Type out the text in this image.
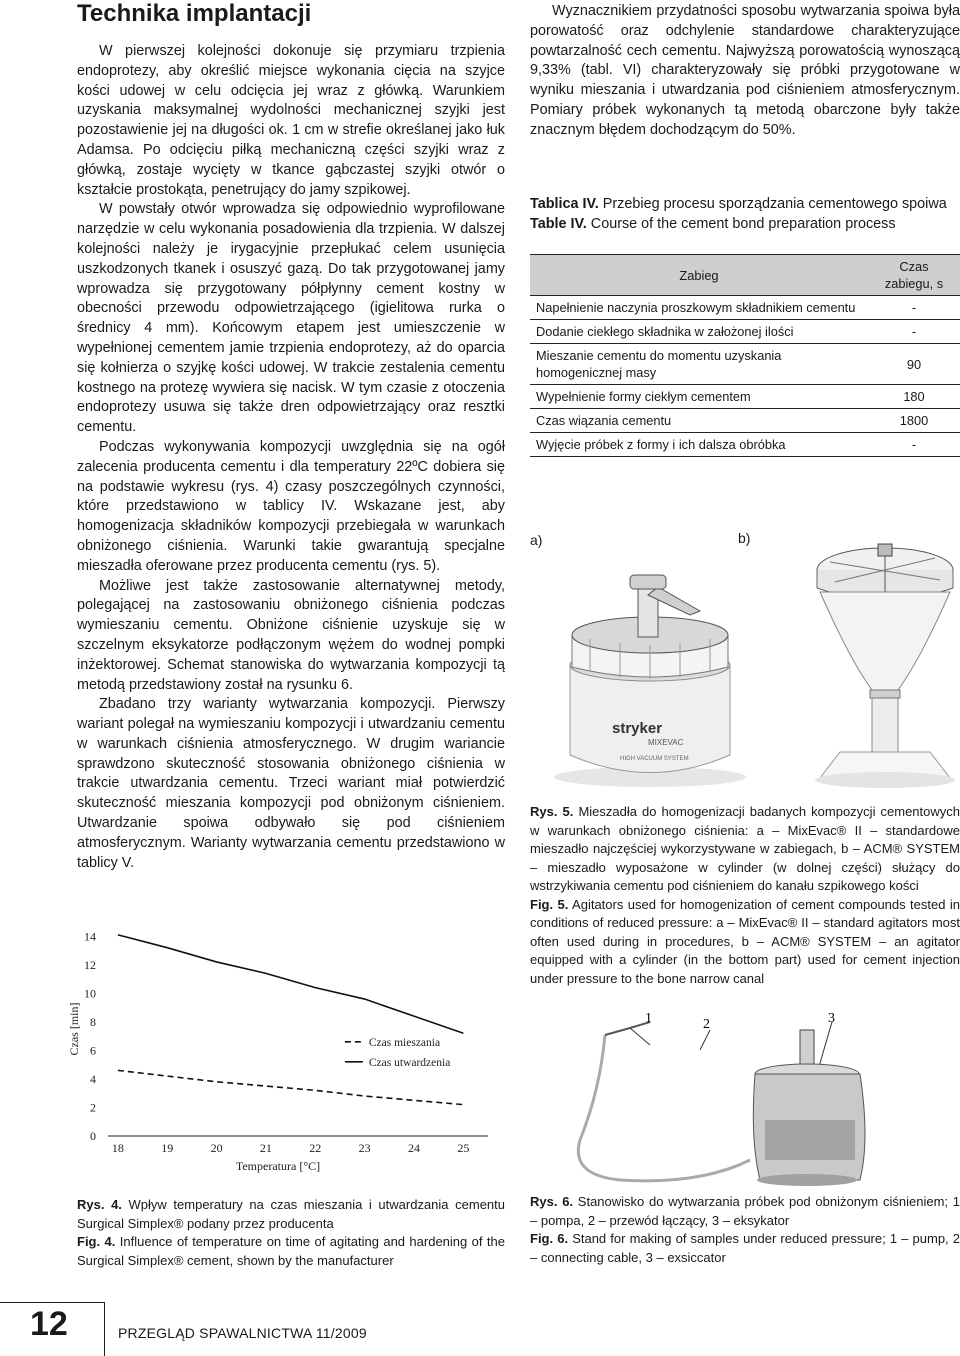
Technika implantacji

W pierwszej kolejności dokonuje się przymiaru trzpienia endoprotezy, aby określić miejsce wykonania cięcia na szyjce kości udowej w celu odcięcia jej wraz z główką. Warunkiem uzyskania maksymalnej wydolności mechanicznej szyjki jest pozostawienie jej na długości ok. 1 cm w strefie określanej jako łuk Adamsa. Po odcięciu piłką mechaniczną części szyjki wraz z główką, zostaje wycięty w tkance gąbczastej szyjki otwór o kształcie prostokąta, penetrujący do jamy szpikowej.

W powstały otwór wprowadza się odpowiednio wyprofilowane narzędzie w celu wykonania posadowienia dla trzpienia. W dalszej kolejności należy je irygacyjnie przepłukać celem usunięcia uszkodzonych tkanek i osuszyć gazą. Do tak przygotowanej jamy wprowadza się przygotowany półpłynny cement kostny w obecności przewodu odpowietrzającego (igielitowa rurka o średnicy 4 mm). Końcowym etapem jest umieszczenie w wypełnionej cementem jamie trzpienia endoprotezy, aż do oparcia się kołnierza o szyjkę kości udowej. W trakcie zestalenia cementu kostnego na protezę wywiera się nacisk. W tym czasie z otoczenia endoprotezy usuwa się także dren odpowietrzający oraz resztki cementu.

Podczas wykonywania kompozycji uwzględnia się na ogół zalecenia producenta cementu i dla temperatury 22ºC dobiera się na podstawie wykresu (rys. 4) czasy poszczególnych czynności, które przedstawiono w tablicy IV. Wskazane jest, aby homogenizacja składników kompozycji przebiegała w warunkach obniżonego ciśnienia. Warunki takie gwarantują specjalne mieszadła oferowane przez producenta cementu (rys. 5).

Możliwe jest także zastosowanie alternatywnej metody, polegającej na zastosowaniu obniżonego ciśnienia podczas wymieszaniu cementu. Obniżone ciśnienie uzyskuje się w szczelnym eksykatorze podłączonym wężem do wodnej pompki inżektorowej. Schemat stanowiska do wytwarzania kompozycji tą metodą przedstawiony został na rysunku 6.

Zbadano trzy warianty wytwarzania kompozycji. Pierwszy wariant polegał na wymieszaniu kompozycji i utwardzaniu cementu w warunkach ciśnienia atmosferycznego. W drugim wariancie sprawdzono skuteczność stosowania obniżonego ciśnienia w trakcie utwardzania cementu. Trzeci wariant miał potwierdzić skuteczność mieszania kompozycji pod obniżonym ciśnieniem. Utwardzanie spoiwa odbywało się pod ciśnieniem atmosferycznym. Warianty wytwarzania cementu przedstawiono w tablicy V.

Wyznacznikiem przydatności sposobu wytwarzania spoiwa była porowatość oraz odchylenie standardowe charakteryzujące powtarzalność cech cementu. Najwyższą porowatością wynoszącą 9,33% (tabl. VI) charakteryzowały się próbki przygotowane w wyniku mieszania i utwardzania pod ciśnieniem atmosferycznym. Pomiary próbek wykonanych tą metodą obarczone były także znacznym błędem dochodzącym do 50%.

Tablica IV. Przebieg procesu sporządzania cementowego spoiwa
Table IV. Course of the cement bond preparation process
Zabieg	Czas zabiegu, s
Napełnienie naczynia proszkowym składnikiem cementu	-
Dodanie ciekłego składnika w założonej ilości	-
Mieszanie cementu do momentu uzyskania homogenicznej masy	90
Wypełnienie formy ciekłym cementem	180
Czas wiązania cementu	1800
Wyjęcie próbek z formy i ich dalsza obróbka	-
a)	b)
stryker
MIXEVAC
HIGH VACUUM SYSTEM
Rys. 5. Mieszadła do homogenizacji badanych kompozycji cementowych w warunkach obniżonego ciśnienia: a – MixEvac® II – standardowe mieszadło najczęściej wykorzystywane w zabiegach, b – ACM® SYSTEM – mieszadło wyposażone w cylinder (w dolnej części) służący do wstrzykiwania cementu pod ciśnieniem do kanału szpikowego kości
Fig. 5. Agitators used for homogenization of cement compounds tested in conditions of reduced pressure: a – MixEvac® II – standard agitators most often used during in procedures, b – ACM® SYSTEM – an agitator equipped with a cylinder (in the bottom part) used for cement injection under pressure to the bone narrow canal
1	2	3
Rys. 6. Stanowisko do wytwarzania próbek pod obniżonym ciśnieniem; 1 – pompa, 2 – przewód łączący, 3 – eksykator
Fig. 6. Stand for making of samples under reduced pressure; 1 – pump, 2 – connecting cable, 3 – exsiccator
0
2
4
6
8
10
12
14
18	19	20	21	22	23	24	25
Temperatura [°C]
Czas [min]	Czas mieszania
Czas utwardzenia
Rys. 4. Wpływ temperatury na czas mieszania i utwardzania cementu Surgical Simplex® podany przez producenta
Fig. 4. Influence of temperature on time of agitating and hardening of the Surgical Simplex® cement, shown by the manufacturer
12	PRZEGLĄD SPAWALNICTWA 11/2009
